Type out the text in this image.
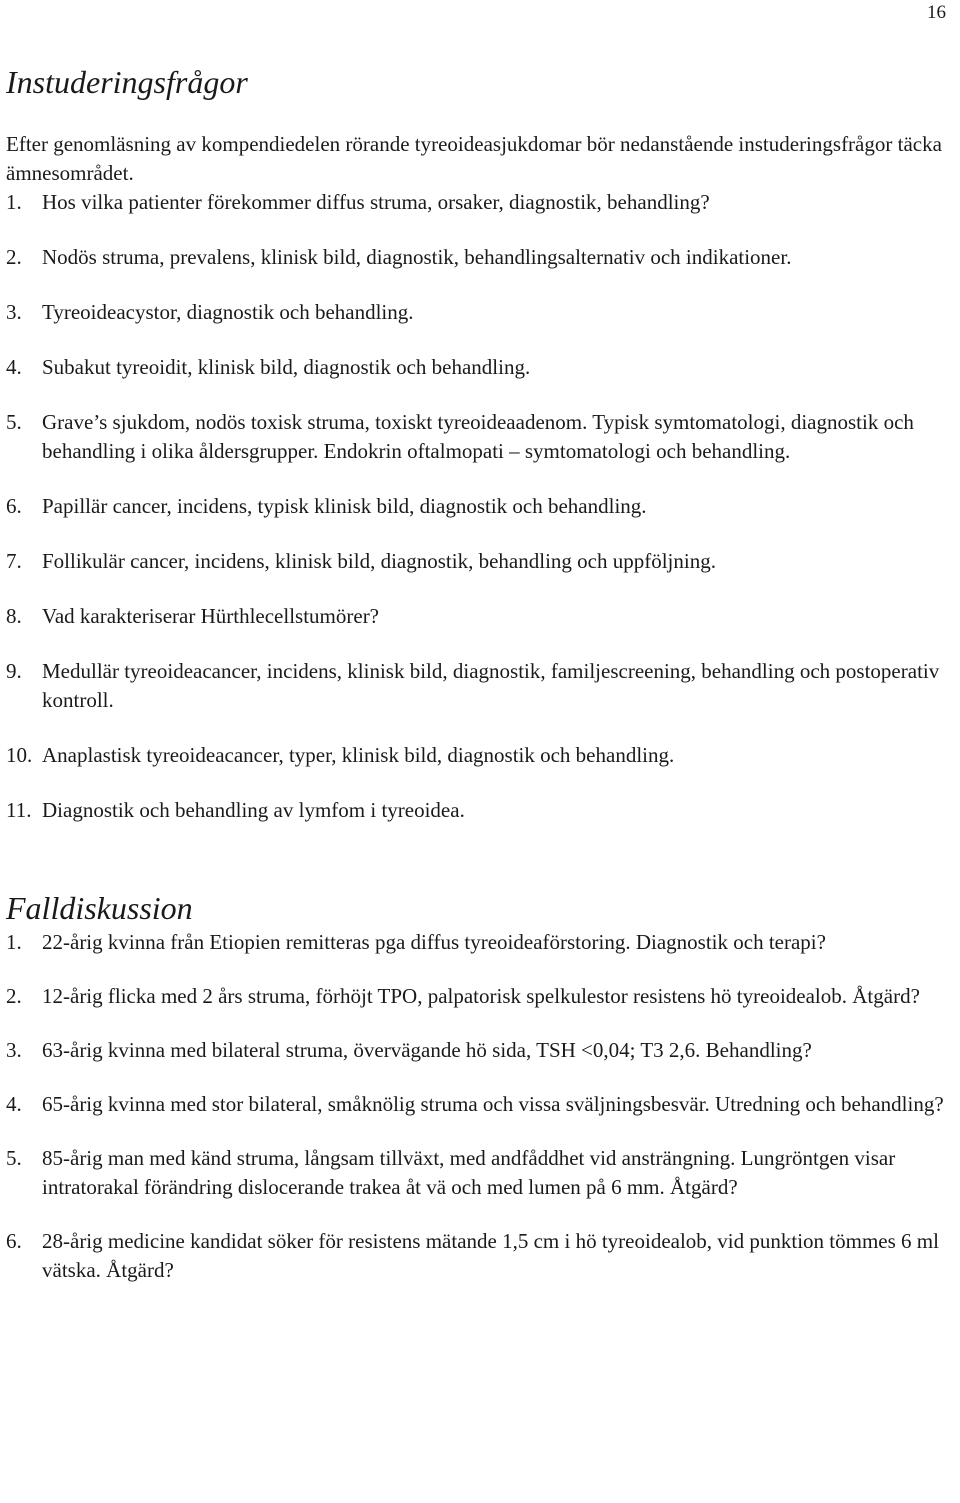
16
Instuderingsfrågor

Efter genomläsning av kompendiedelen rörande tyreoideasjukdomar bör nedanstående instuderingsfrågor täcka ämnesområdet.

1. Hos vilka patienter förekommer diffus struma, orsaker, diagnostik, behandling?
2. Nodös struma, prevalens, klinisk bild, diagnostik, behandlingsalternativ och indikationer.
3. Tyreoideacystor, diagnostik och behandling.
4. Subakut tyreoidit, klinisk bild, diagnostik och behandling.
5. Grave’s sjukdom, nodös toxisk struma, toxiskt tyreoideaadenom. Typisk symtomatologi, diagnostik och behandling i olika åldersgrupper. Endokrin oftalmopati – symtomatologi och behandling.
6. Papillär cancer, incidens, typisk klinisk bild, diagnostik och behandling.
7. Follikulär cancer, incidens, klinisk bild, diagnostik, behandling och uppföljning.
8. Vad karakteriserar Hürthlecellstumörer?
9. Medullär tyreoideacancer, incidens, klinisk bild, diagnostik, familjescreening, behandling och postoperativ kontroll.
10. Anaplastisk tyreoideacancer, typer, klinisk bild, diagnostik och behandling.
11. Diagnostik och behandling av lymfom i tyreoidea.
Falldiskussion
1. 22-årig kvinna från Etiopien remitteras pga diffus tyreoideaförstoring. Diagnostik och terapi?
2. 12-årig flicka med 2 års struma, förhöjt TPO, palpatorisk spelkulestor resistens hö tyreoidealob. Åtgärd?
3. 63-årig kvinna med bilateral struma, övervägande hö sida, TSH <0,04; T3 2,6. Behandling?
4. 65-årig kvinna med stor bilateral, småknölig struma och vissa sväljningsbesvär. Utredning och behandling?
5. 85-årig man med känd struma, långsam tillväxt, med andfåddhet vid ansträngning. Lungröntgen visar intratorakal förändring dislocerande trakea åt vä och med lumen på 6 mm. Åtgärd?
6. 28-årig medicine kandidat söker för resistens mätande 1,5 cm i hö tyreoidealob, vid punktion tömmes 6 ml vätska. Åtgärd?
